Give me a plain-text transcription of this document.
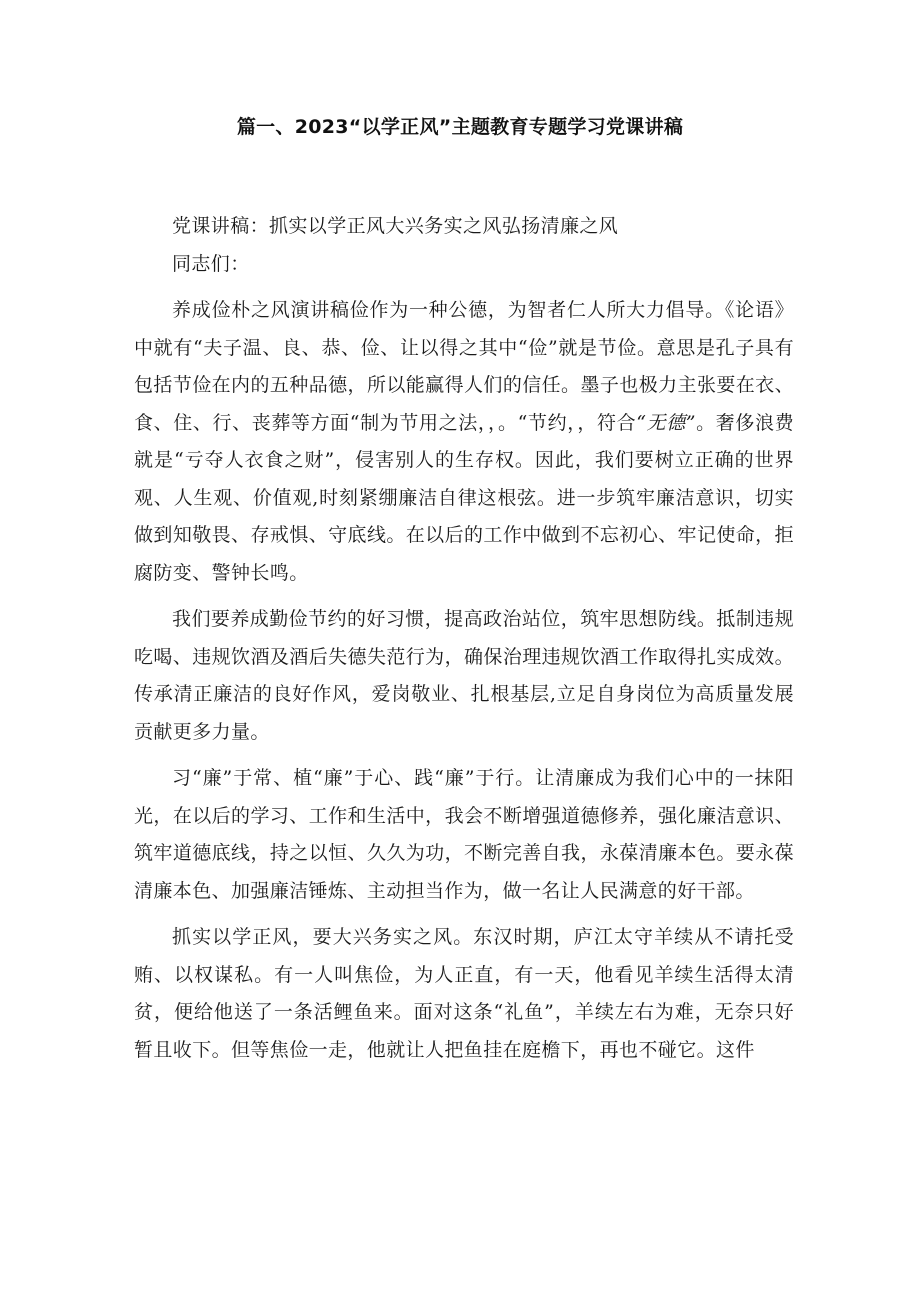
篇一、2023“以学正风”主题教育专题学习党课讲稿

党课讲稿：抓实以学正风大兴务实之风弘扬清廉之风

同志们：

养成俭朴之风演讲稿俭作为一种公德，为智者仁人所大力倡导。《论语》中就有“夫子温、良、恭、俭、让以得之其中“俭”就是节俭。意思是孔子具有包括节俭在内的五种品德，所以能赢得人们的信任。墨子也极力主张要在衣、食、住、行、丧葬等方面“制为节用之法，，。“节约，，符合“无德”。奢侈浪费就是“亏夺人衣食之财”，侵害别人的生存权。因此，我们要树立正确的世界观、人生观、价值观,时刻紧绷廉洁自律这根弦。进一步筑牢廉洁意识，切实做到知敬畏、存戒惧、守底线。在以后的工作中做到不忘初心、牢记使命，拒腐防变、警钟长鸣。

我们要养成勤俭节约的好习惯，提高政治站位，筑牢思想防线。抵制违规吃喝、违规饮酒及酒后失德失范行为，确保治理违规饮酒工作取得扎实成效。传承清正廉洁的良好作风，爱岗敬业、扎根基层,立足自身岗位为高质量发展贡献更多力量。

习“廉”于常、植“廉”于心、践“廉”于行。让清廉成为我们心中的一抹阳光，在以后的学习、工作和生活中，我会不断增强道德修养，强化廉洁意识、筑牢道德底线，持之以恒、久久为功，不断完善自我，永葆清廉本色。要永葆清廉本色、加强廉洁锤炼、主动担当作为，做一名让人民满意的好干部。

抓实以学正风，要大兴务实之风。东汉时期，庐江太守羊续从不请托受贿、以权谋私。有一人叫焦俭，为人正直，有一天，他看见羊续生活得太清贫，便给他送了一条活鲤鱼来。面对这条“礼鱼”，羊续左右为难，无奈只好暂且收下。但等焦俭一走，他就让人把鱼挂在庭檐下，再也不碰它。这件
